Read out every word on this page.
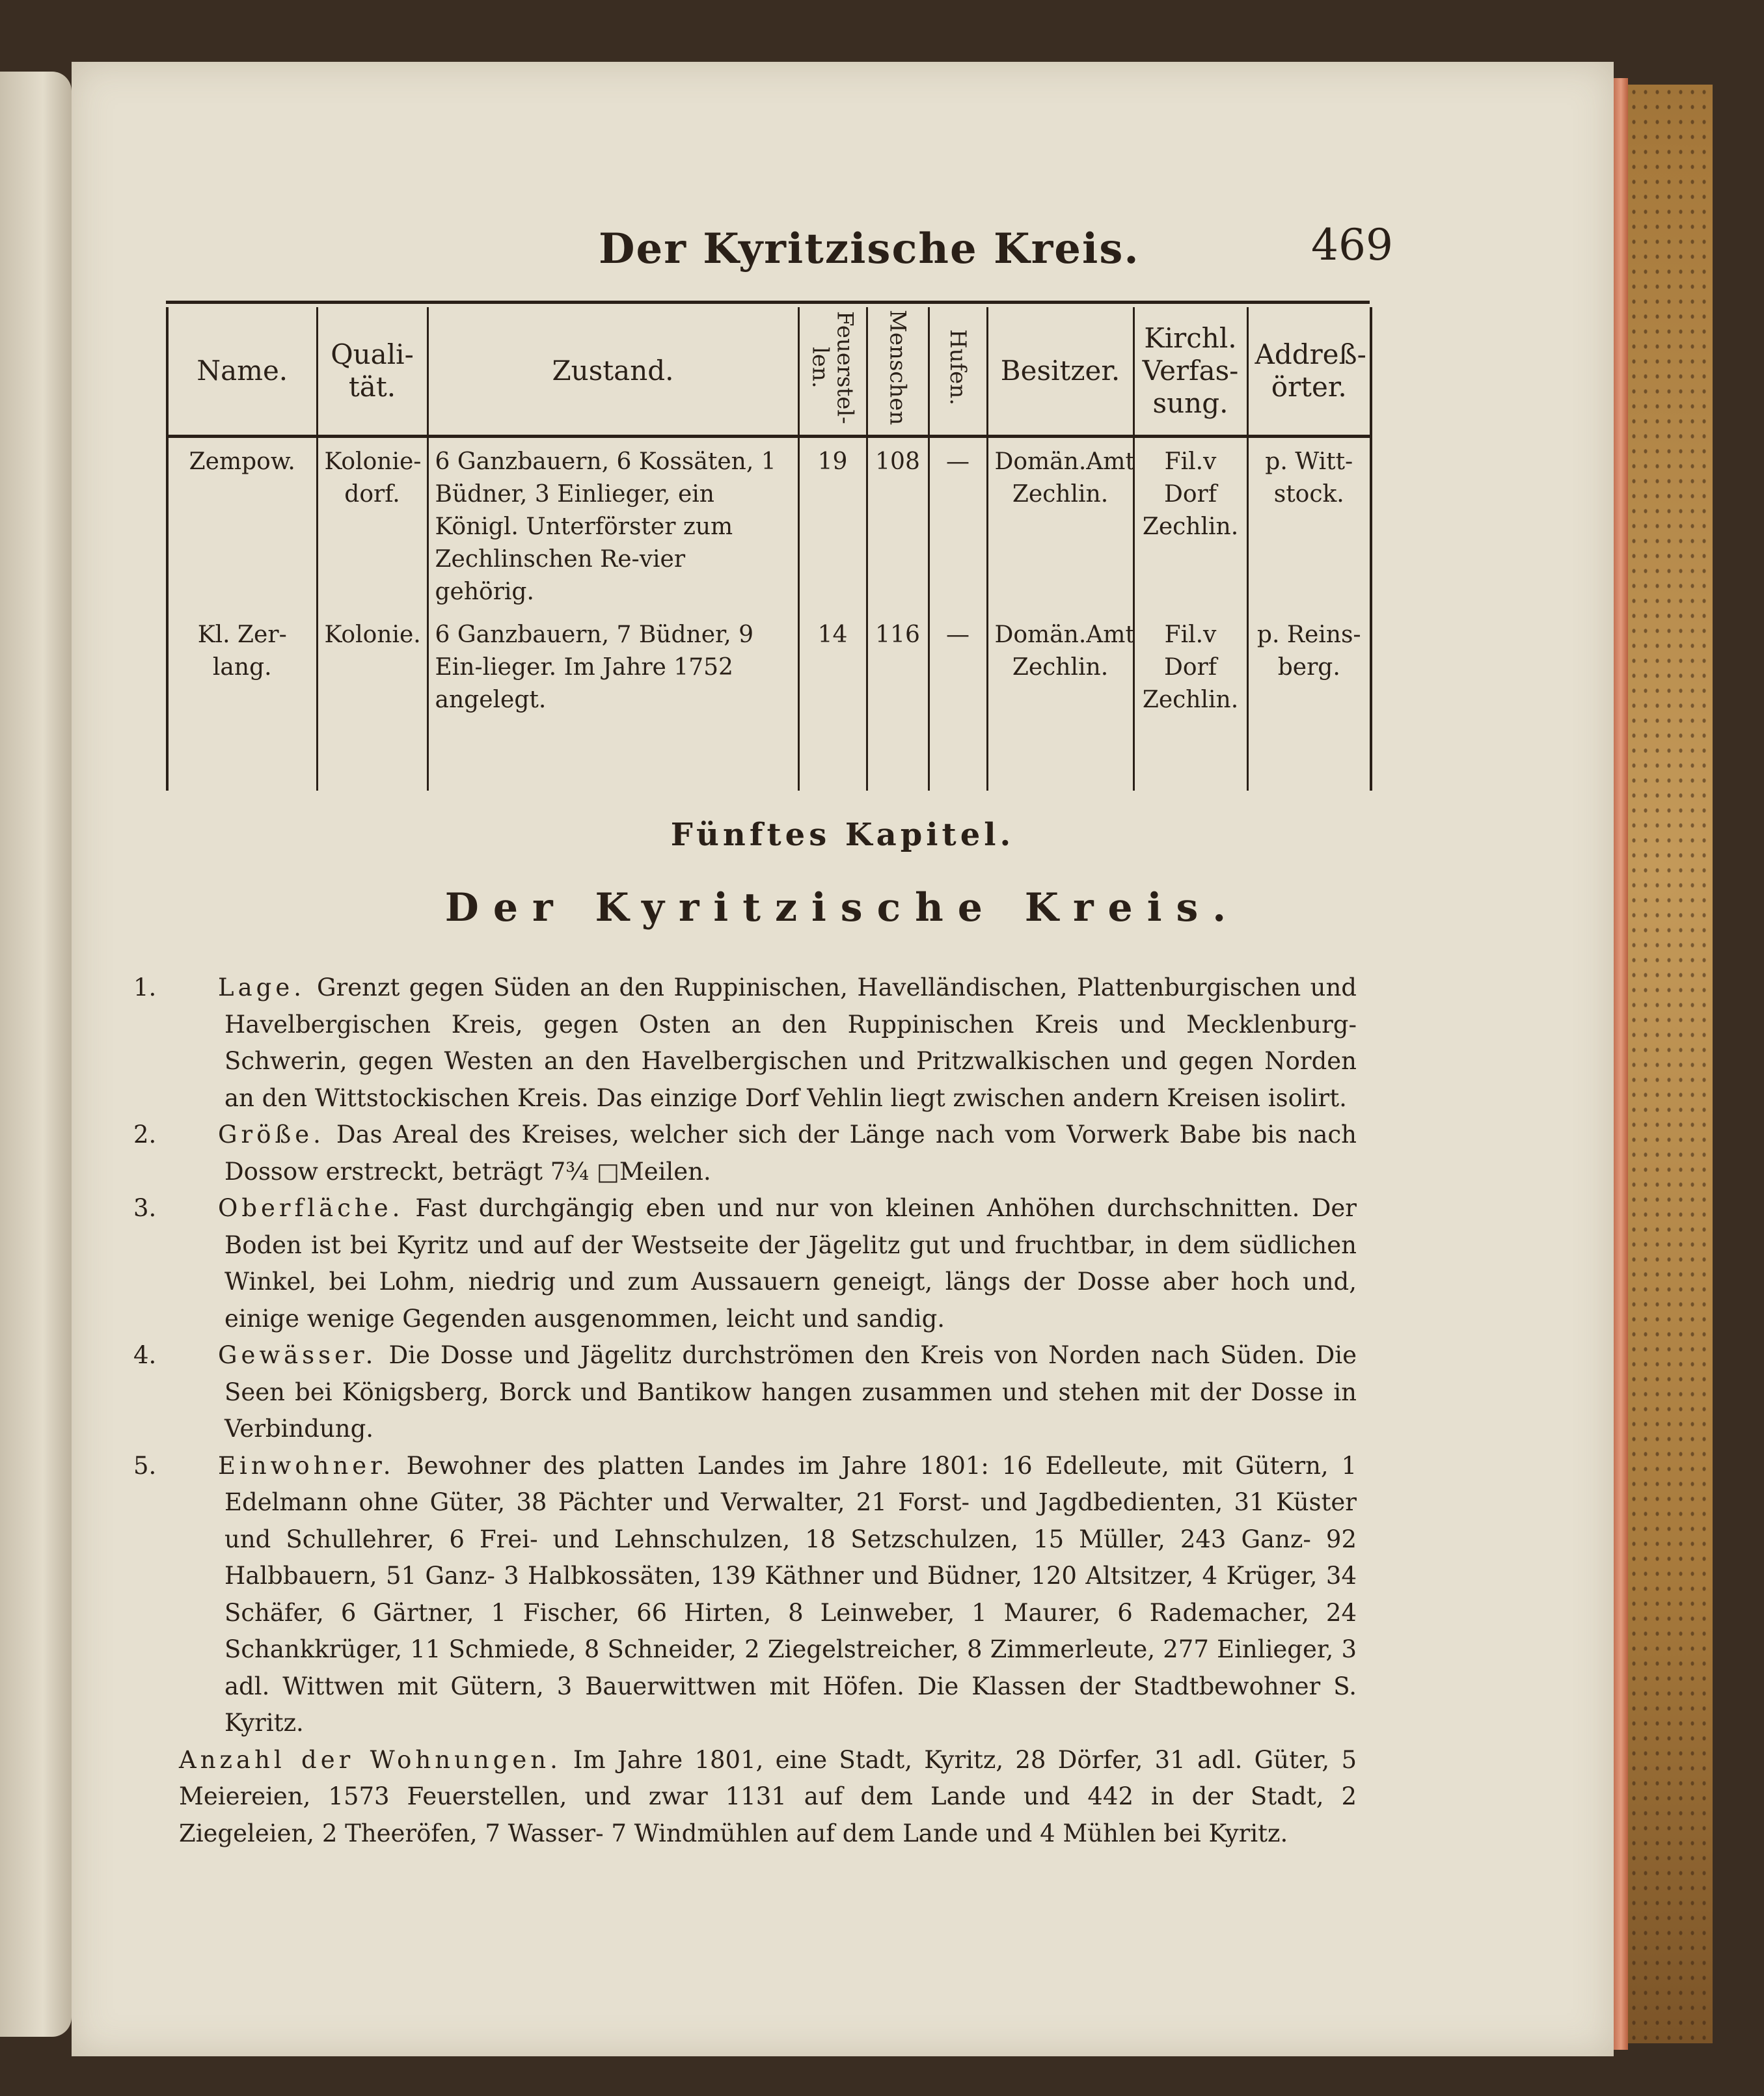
Der Kyritzische Kreis.	469
Name.	Quali-tät.	Zustand.	Feuerstel-len.	Menschen	Hufen.	Besitzer.	Kirchl. Verfas-sung.	Addreß-örter.
Zempow.	Kolonie-dorf.	6 Ganzbauern, 6 Kossäten, 1 Büdner, 3 Einlieger, ein Königl. Unterförster zum Zechlinschen Re-vier gehörig.	19	108	—	Domän.Amt Zechlin.	Fil.v Dorf Zechlin.	p. Witt-stock.
Kl. Zer-lang.	Kolonie.	6 Ganzbauern, 7 Büdner, 9 Ein-lieger. Im Jahre 1752 angelegt.	14	116	—	Domän.Amt Zechlin.	Fil.v Dorf Zechlin.	p. Reins-berg.
Fünftes Kapitel.
Der Kyritzische Kreis.

1.	Lage. Grenzt gegen Süden an den Ruppinischen, Havelländischen, Plattenburgischen und Havelbergischen Kreis, gegen Osten an den Ruppinischen Kreis und Mecklenburg-Schwerin, gegen Westen an den Havelbergischen und Pritzwalkischen und gegen Norden an den Wittstockischen Kreis. Das einzige Dorf Vehlin liegt zwischen andern Kreisen isolirt.

2.	Größe. Das Areal des Kreises, welcher sich der Länge nach vom Vorwerk Babe bis nach Dossow erstreckt, beträgt 7¾ □Meilen.

3.	Oberfläche. Fast durchgängig eben und nur von kleinen Anhöhen durchschnitten. Der Boden ist bei Kyritz und auf der Westseite der Jägelitz gut und fruchtbar, in dem südlichen Winkel, bei Lohm, niedrig und zum Aussauern geneigt, längs der Dosse aber hoch und, einige wenige Gegenden ausgenommen, leicht und sandig.

4.	Gewässer. Die Dosse und Jägelitz durchströmen den Kreis von Norden nach Süden. Die Seen bei Königsberg, Borck und Bantikow hangen zusammen und stehen mit der Dosse in Verbindung.

5.	Einwohner. Bewohner des platten Landes im Jahre 1801: 16 Edelleute, mit Gütern, 1 Edelmann ohne Güter, 38 Pächter und Verwalter, 21 Forst- und Jagdbedienten, 31 Küster und Schullehrer, 6 Frei- und Lehnschulzen, 18 Setzschulzen, 15 Müller, 243 Ganz- 92 Halbbauern, 51 Ganz- 3 Halbkossäten, 139 Käthner und Büdner, 120 Altsitzer, 4 Krüger, 34 Schäfer, 6 Gärtner, 1 Fischer, 66 Hirten, 8 Leinweber, 1 Maurer, 6 Rademacher, 24 Schankkrüger, 11 Schmiede, 8 Schneider, 2 Ziegelstreicher, 8 Zimmerleute, 277 Einlieger, 3 adl. Wittwen mit Gütern, 3 Bauerwittwen mit Höfen. Die Klassen der Stadtbewohner S. Kyritz.

Anzahl der Wohnungen. Im Jahre 1801, eine Stadt, Kyritz, 28 Dörfer, 31 adl. Güter, 5 Meiereien, 1573 Feuerstellen, und zwar 1131 auf dem Lande und 442 in der Stadt, 2 Ziegeleien, 2 Theeröfen, 7 Wasser- 7 Windmühlen auf dem Lande und 4 Mühlen bei Kyritz.
